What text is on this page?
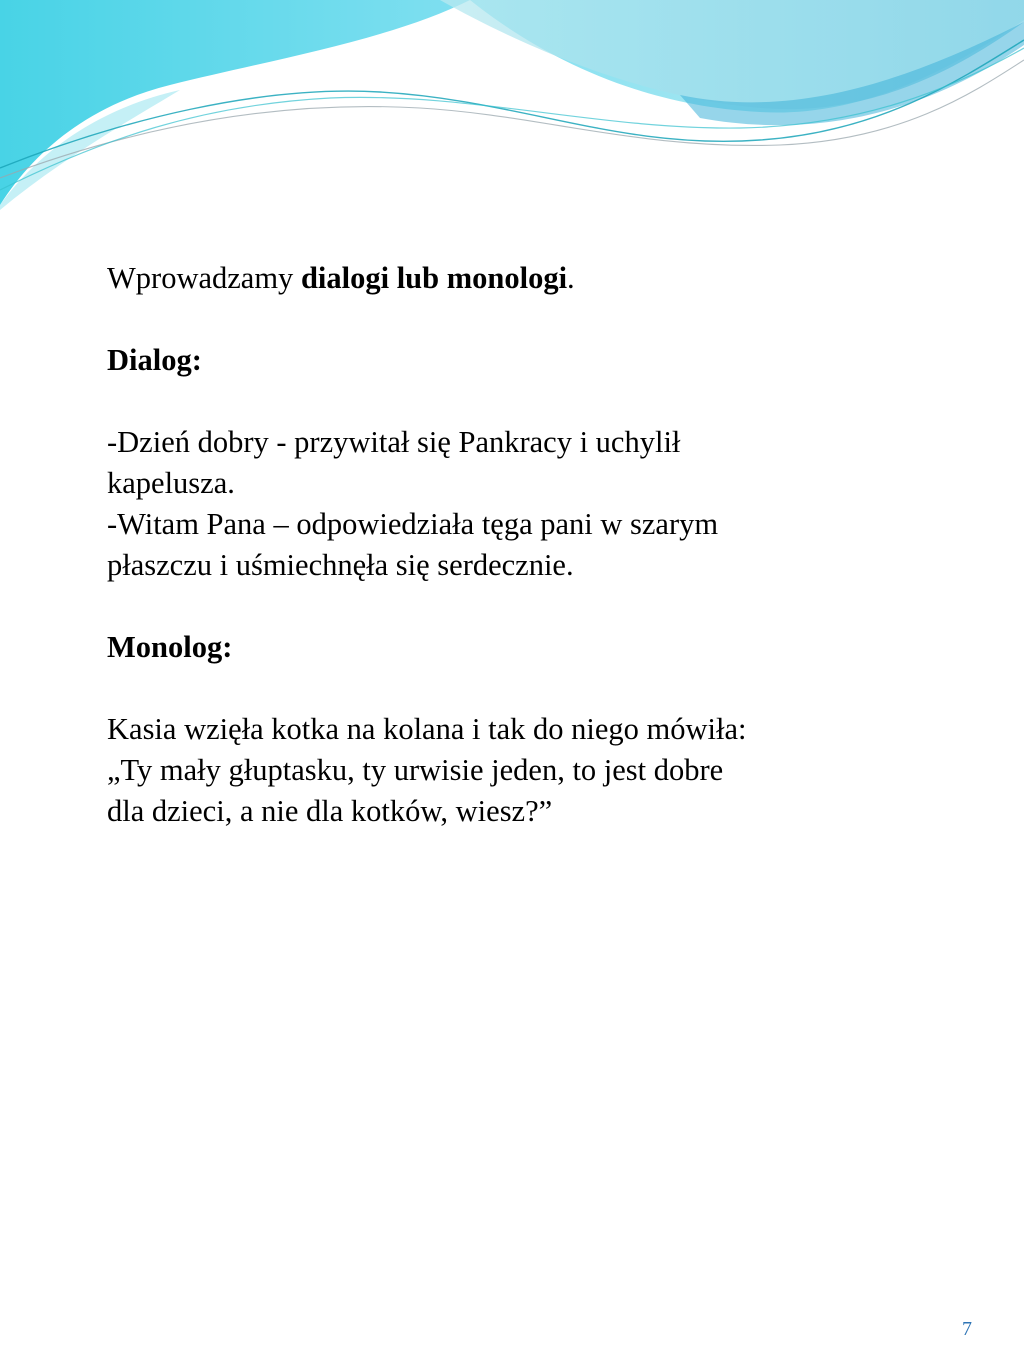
Wprowadzamy dialogi lub monologi.

Dialog:

-Dzień dobry - przywitał się Pankracy i uchylił

kapelusza.

-Witam Pana – odpowiedziała tęga pani w szarym

płaszczu i uśmiechnęła się serdecznie.

Monolog:

Kasia wzięła kotka na kolana i tak do niego mówiła:

„Ty mały głuptasku, ty urwisie jeden, to jest dobre

dla dzieci, a nie dla kotków, wiesz?”

7
